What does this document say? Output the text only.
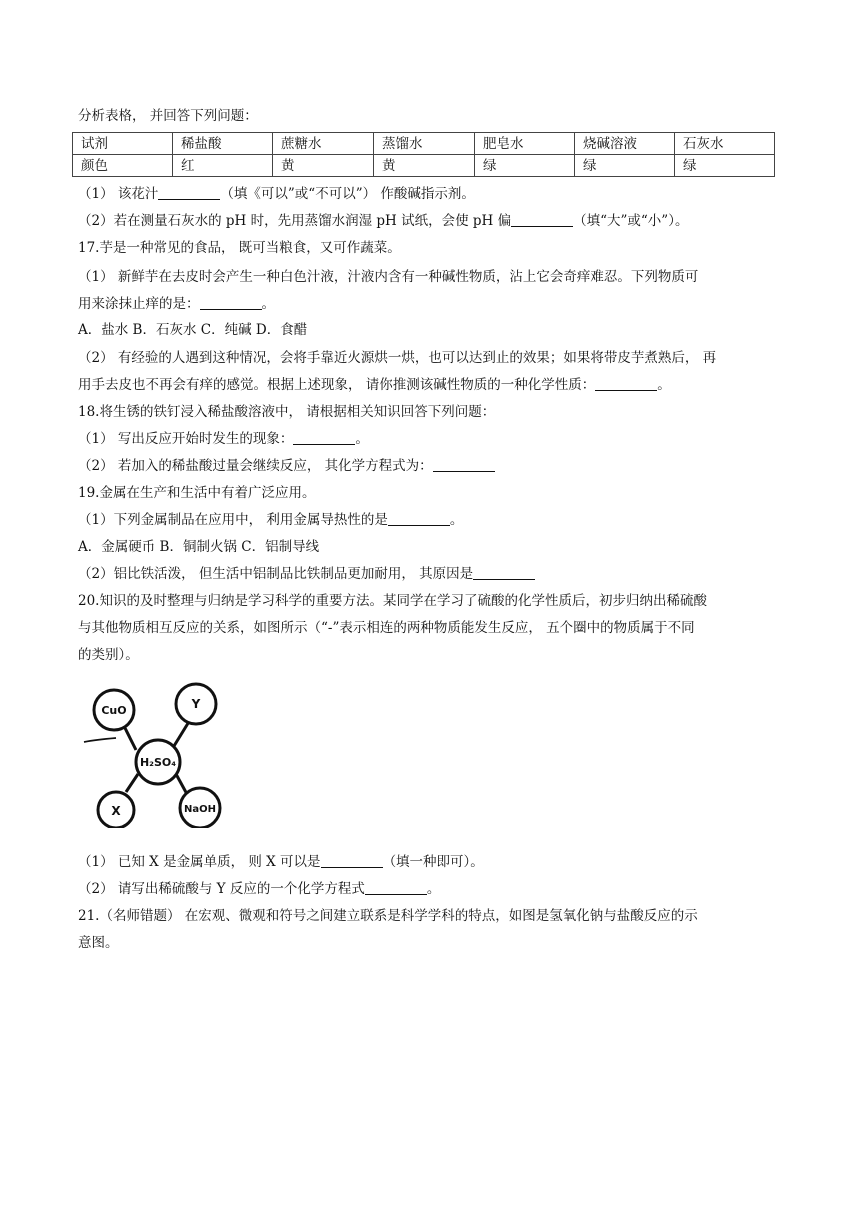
分析表格， 并回答下列问题：
试剂	稀盐酸	蔗糖水	蒸馏水	肥皂水	烧碱溶液	石灰水
颜色	红	黄	黄	绿	绿	绿
（1） 该花汁	（填《可以”或“不可以”） 作酸碱指示剂。
（2）若在测量石灰水的 pH 时，先用蒸馏水润湿 pH 试纸，会使 pH 偏	（填“大”或“小”）。
17.芋是一种常见的食品， 既可当粮食，又可作蔬菜。
（1） 新鲜芋在去皮时会产生一种白色汁液，汁液内含有一种碱性物质，沾上它会奇痒难忍。下列物质可
用来涂抹止痒的是：	。
A．盐水 B．石灰水 C．纯碱 D．食醋
（2） 有经验的人遇到这种情况，会将手靠近火源烘一烘，也可以达到止的效果；如果将带皮芋煮熟后， 再
用手去皮也不再会有痒的感觉。根据上述现象， 请你推测该碱性物质的一种化学性质：	。
18.将生锈的铁钉浸入稀盐酸溶液中， 请根据相关知识回答下列问题：
（1） 写出反应开始时发生的现象：	。
（2） 若加入的稀盐酸过量会继续反应， 其化学方程式为：
19.金属在生产和生活中有着广泛应用。
（1）下列金属制品在应用中， 利用金属导热性的是	。
A．金属硬币 B．铜制火锅 C．铝制导线
（2）铝比铁活泼， 但生活中铝制品比铁制品更加耐用， 其原因是
20.知识的及时整理与归纳是学习科学的重要方法。某同学在学习了硫酸的化学性质后，初步归纳出稀硫酸
与其他物质相互反应的关系，如图所示（“-”表示相连的两种物质能发生反应， 五个圈中的物质属于不同
的类别）。
CuO	Y
H₂SO₄
X	NaOH
（1） 已知 X 是金属单质， 则 X 可以是	（填一种即可）。
（2） 请写出稀硫酸与 Y 反应的一个化学方程式	。
21.（名师错题） 在宏观、微观和符号之间建立联系是科学学科的特点，如图是氢氧化钠与盐酸反应的示
意图。
